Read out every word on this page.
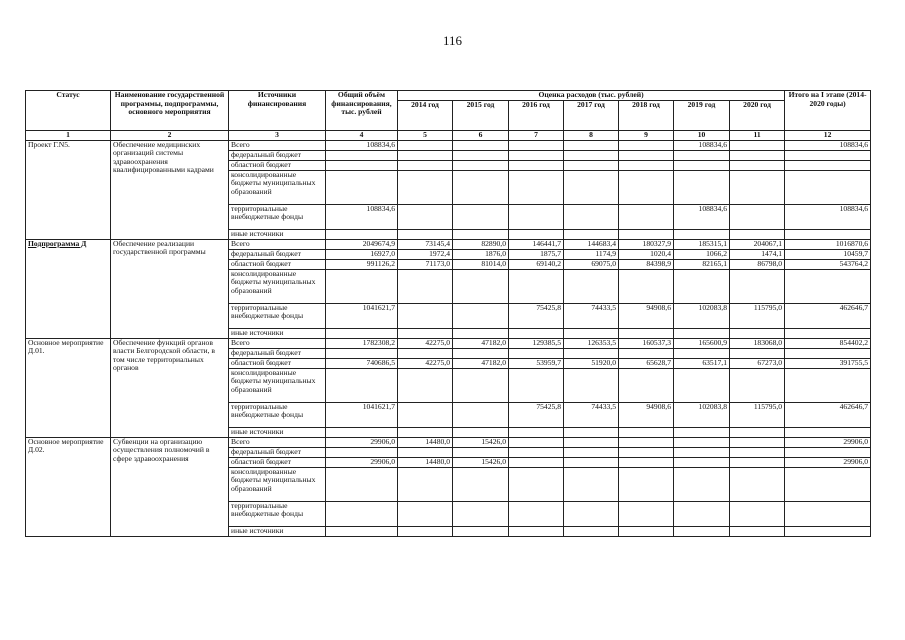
116
Статус	Наименование государственной программы, подпрограммы, основного мероприятия	Источники финансирования	Общий объём финансирования, тыс. рублей	Оценка расходов (тыс. рублей)							Итого на I этапе (2014-2020 годы)
				2014 год	2015 год	2016 год	2017 год	2018 год	2019 год	2020 год	
1	2	3	4	5	6	7	8	9	10	11	12
Проект Г.N5.	Обеспечение медицинских организаций системы здравоохранения квалифицированными кадрами	Всего	108834,6						108834,6		108834,6
		федеральный бюджет									
		областной бюджет									
		консолидированные бюджеты муниципальных образований									
		территориальные внебюджетные фонды	108834,6						108834,6		108834,6
		иные источники									
Подпрограмма Д	Обеспечение реализации государственной программы	Всего	2049674,9	73145,4	82890,0	146441,7	144683,4	180327,9	185315,1	204067,1	1016870,6
		федеральный бюджет	16927,0	1972,4	1876,0	1875,7	1174,9	1020,4	1066,2	1474,1	10459,7
		областной бюджет	991126,2	71173,0	81014,0	69140,2	69075,0	84398,9	82165,1	86798,0	543764,2
		консолидированные бюджеты муниципальных образований									
		территориальные внебюджетные фонды	1041621,7			75425,8	74433,5	94908,6	102083,8	115795,0	462646,7
		иные источники									
Основное мероприятие Д.01.	Обеспечение функций органов власти Белгородской области, в том числе территориальных органов	Всего	1782308,2	42275,0	47182,0	129385,5	126353,5	160537,3	165600,9	183068,0	854402,2
		федеральный бюджет									
		областной бюджет	740686,5	42275,0	47182,0	53959,7	51920,0	65628,7	63517,1	67273,0	391755,5
		консолидированные бюджеты муниципальных образований									
		территориальные внебюджетные фонды	1041621,7			75425,8	74433,5	94908,6	102083,8	115795,0	462646,7
		иные источники									
Основное мероприятие Д.02.	Субвенции на организацию осуществления полномочий в сфере здравоохранения	Всего	29906,0	14480,0	15426,0						29906,0
		федеральный бюджет									
		областной бюджет	29906,0	14480,0	15426,0						29906,0
		консолидированные бюджеты муниципальных образований									
		территориальные внебюджетные фонды									
		иные источники									
